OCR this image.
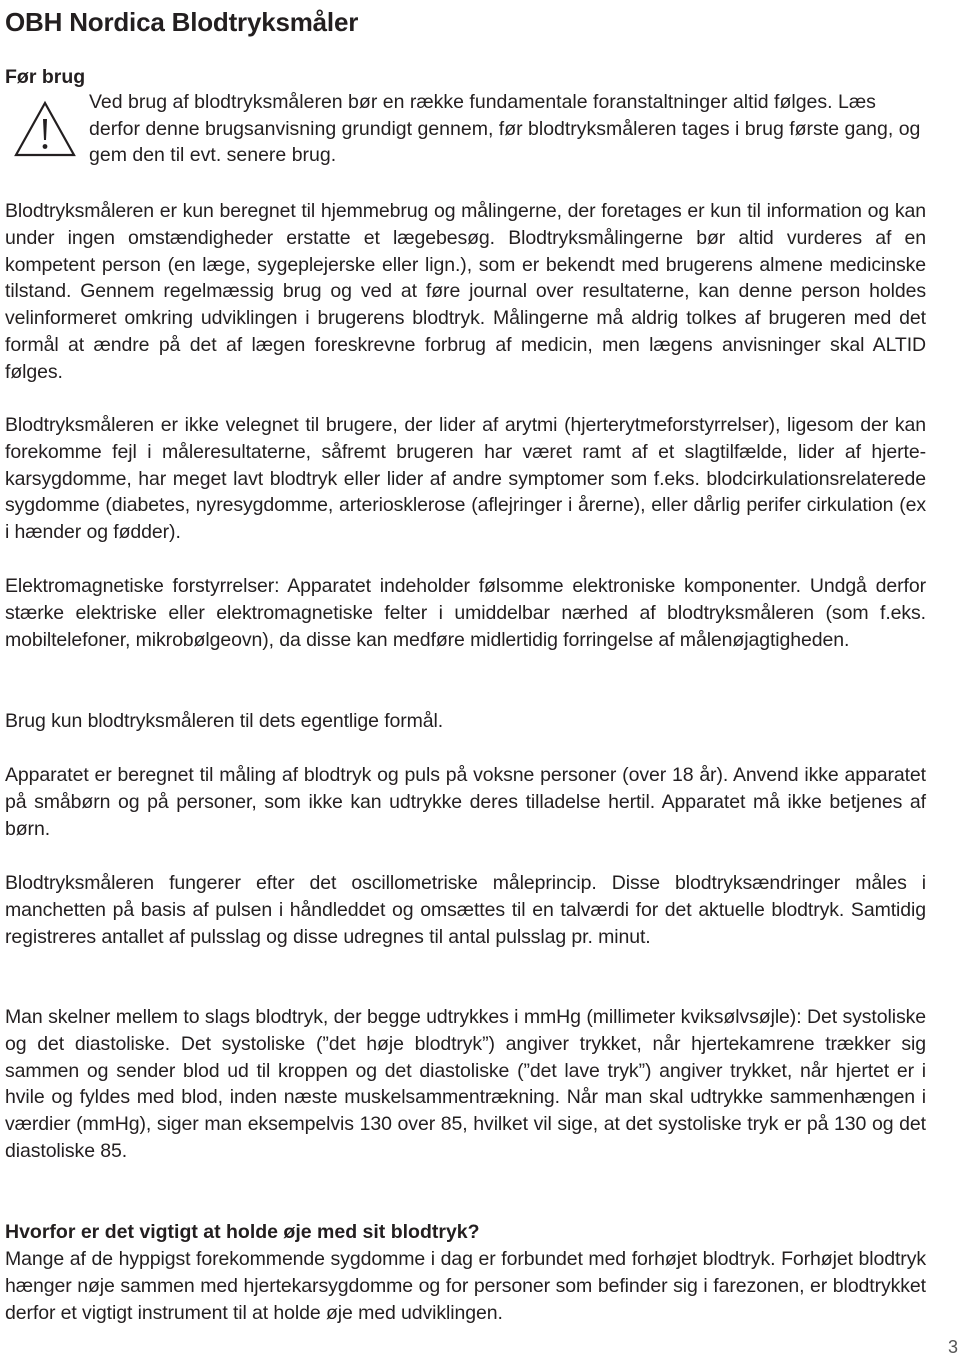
OBH Nordica Blodtryksmåler
Før brug

Ved brug af blodtryksmåleren bør en række fundamentale foranstaltninger altid følges. Læs derfor denne brugsanvisning grundigt gennem, før blodtryksmåleren tages i brug første gang, og gem den til evt. senere brug.

Blodtryksmåleren er kun beregnet til hjemmebrug og målingerne, der foretages er kun til information og kan under ingen omstændigheder erstatte et lægebesøg. Blodtryksmålingerne bør altid vurderes af en kompetent person (en læge, sygeplejerske eller lign.), som er bekendt med brugerens almene medicinske tilstand. Gennem regelmæssig brug og ved at føre journal over resultaterne, kan denne person holdes velinformeret omkring udviklingen i brugerens blodtryk. Målingerne må aldrig tolkes af brugeren med det formål at ændre på det af lægen foreskrevne forbrug af medicin, men lægens anvisninger skal ALTID følges.

Blodtryksmåleren er ikke velegnet til brugere, der lider af arytmi (hjerterytmeforstyrrelser), ligesom der kan forekomme fejl i måleresultaterne, såfremt brugeren har været ramt af et slagtilfælde, lider af hjerte-karsygdomme, har meget lavt blodtryk eller lider af andre symptomer som f.eks. blodcirkulationsrelaterede sygdomme (diabetes, nyresygdomme, arteriosklerose (aflejringer i årerne), eller dårlig perifer cirkulation (ex i hænder og fødder).

Elektromagnetiske forstyrrelser: Apparatet indeholder følsomme elektroniske komponenter. Undgå derfor stærke elektriske eller elektromagnetiske felter i umiddelbar nærhed af blodtryksmåleren (som f.eks. mobiltelefoner, mikrobølgeovn), da disse kan medføre midlertidig forringelse af målenøjagtigheden.

Brug kun blodtryksmåleren til dets egentlige formål.

Apparatet er beregnet til måling af blodtryk og puls på voksne personer (over 18 år). Anvend ikke apparatet på småbørn og på personer, som ikke kan udtrykke deres tilladelse hertil. Apparatet må ikke betjenes af børn.

Blodtryksmåleren fungerer efter det oscillometriske måleprincip. Disse blodtryksændringer måles i manchetten på basis af pulsen i håndleddet og omsættes til en talværdi for det aktuelle blodtryk. Samtidig registreres antallet af pulsslag og disse udregnes til antal pulsslag pr. minut.

Man skelner mellem to slags blodtryk, der begge udtrykkes i mmHg (millimeter kviksølvsøjle): Det systoliske og det diastoliske. Det systoliske (”det høje blodtryk”) angiver trykket, når hjertekamrene trækker sig sammen og sender blod ud til kroppen og det diastoliske (”det lave tryk”) angiver trykket, når hjertet er i hvile og fyldes med blod, inden næste muskelsammentrækning. Når man skal udtrykke sammenhængen i værdier (mmHg), siger man eksempelvis 130 over 85, hvilket vil sige, at det systoliske tryk er på 130 og det diastoliske 85.

Hvorfor er det vigtigt at holde øje med sit blodtryk?

Mange af de hyppigst forekommende sygdomme i dag er forbundet med forhøjet blodtryk. Forhøjet blodtryk hænger nøje sammen med hjertekarsygdomme og for personer som befinder sig i farezonen, er blodtrykket derfor et vigtigt instrument til at holde øje med udviklingen.

3
